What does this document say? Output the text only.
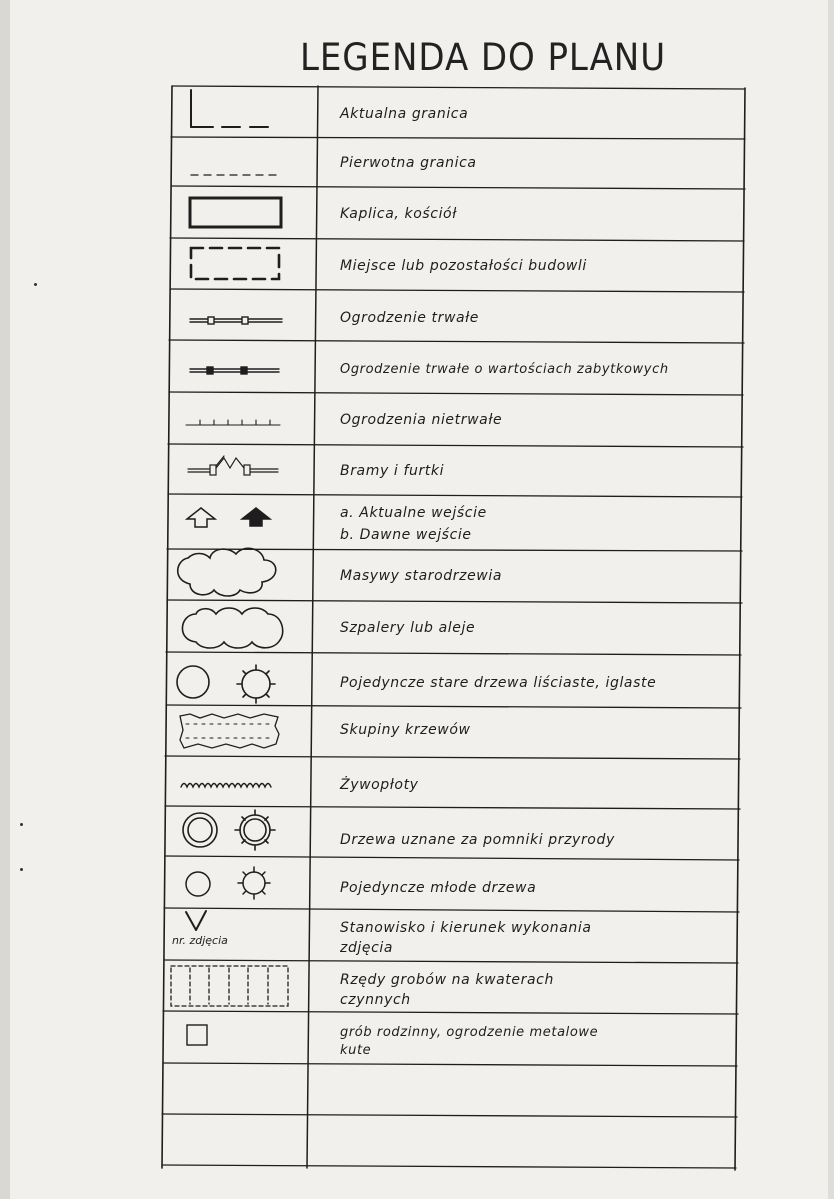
LEGENDA DO PLANU
Aktualna granica
Pierwotna granica
Kaplica, kościół
Miejsce lub pozostałości budowli
Ogrodzenie trwałe
Ogrodzenie trwałe o wartościach zabytkowych
Ogrodzenia nietrwałe
Bramy i furtki
a. Aktualne wejście
b. Dawne wejście
Masywy starodrzewia
Szpalery lub aleje
Pojedyncze stare drzewa liściaste, iglaste
Skupiny krzewów
Żywopłoty
Drzewa uznane za pomniki przyrody
Pojedyncze młode drzewa
Stanowisko i kierunek wykonania
zdjęcia
nr. zdjęcia
Rzędy grobów na kwaterach
czynnych
grób rodzinny, ogrodzenie metalowe
kute
